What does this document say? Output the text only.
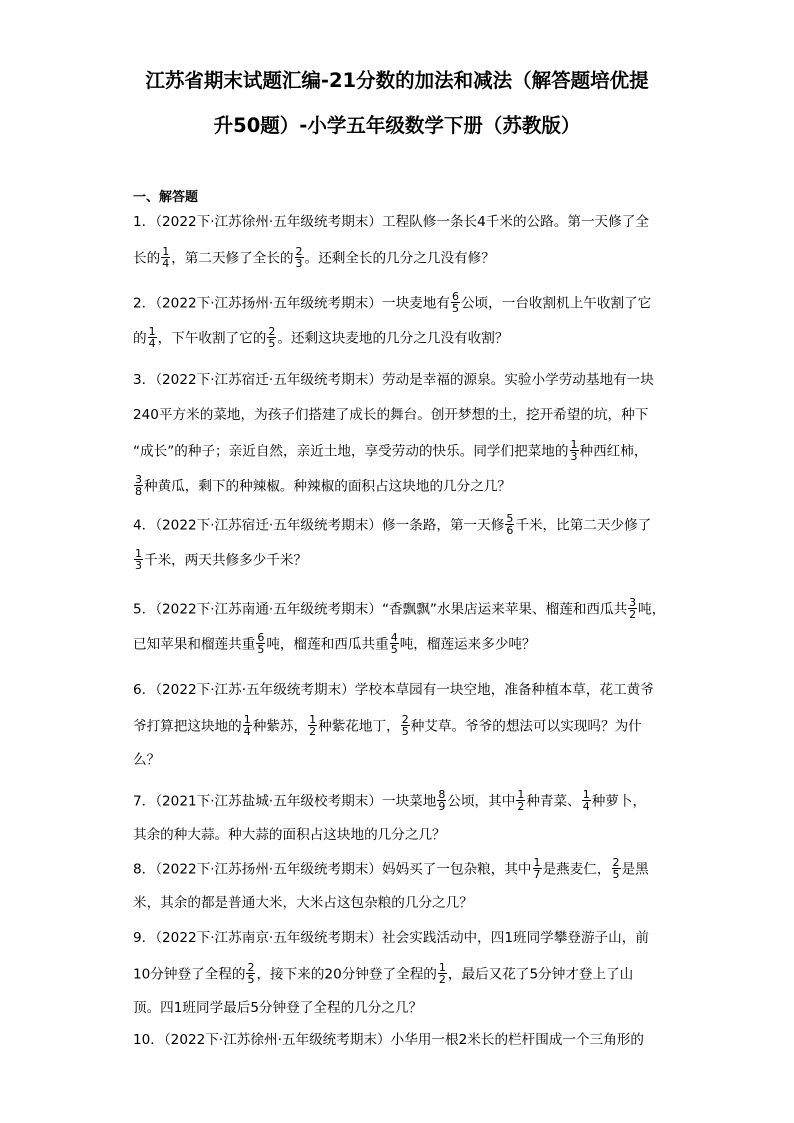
江苏省期末试题汇编-21分数的加法和减法（解答题培优提
升50题）-小学五年级数学下册（苏教版）
一、解答题
1．（2022下·江苏徐州·五年级统考期末）工程队修一条长4千米的公路。第一天修了全
长的 $\frac{1}{4}$ ，第二天修了全长的 $\frac{2}{3}$ 。还剩全长的几分之几没有修？
2．（2022下·江苏扬州·五年级统考期末）一块麦地有 $\frac{6}{5}$ 公顷，一台收割机上午收割了它
的 $\frac{1}{4}$ ，下午收割了它的 $\frac{2}{5}$ 。还剩这块麦地的几分之几没有收割？
3．（2022下·江苏宿迁·五年级统考期末）劳动是幸福的源泉。实验小学劳动基地有一块
240平方米的菜地，为孩子们搭建了成长的舞台。创开梦想的土，挖开希望的坑，种下
“成长”的种子；亲近自然，亲近土地，享受劳动的快乐。同学们把菜地的 $\frac{1}{3}$ 种西红柿，
$\frac{3}{8}$ 种黄瓜，剩下的种辣椒。种辣椒的面积占这块地的几分之几？
4．（2022下·江苏宿迁·五年级统考期末）修一条路，第一天修 $\frac{5}{6}$ 千米，比第二天少修了
$\frac{1}{3}$ 千米，两天共修多少千米？
5．（2022下·江苏南通·五年级统考期末）“香飘飘”水果店运来苹果、榴莲和西瓜共 $\frac{3}{2}$ 吨，
已知苹果和榴莲共重 $\frac{6}{5}$ 吨，榴莲和西瓜共重 $\frac{4}{5}$ 吨，榴莲运来多少吨？
6．（2022下·江苏·五年级统考期末）学校本草园有一块空地，准备种植本草，花工黄爷
爷打算把这块地的 $\frac{1}{4}$ 种紫苏， $\frac{1}{2}$ 种紫花地丁， $\frac{2}{5}$ 种艾草。爷爷的想法可以实现吗？为什
么？
7．（2021下·江苏盐城·五年级校考期末）一块菜地 $\frac{8}{9}$ 公顷，其中 $\frac{1}{2}$ 种青菜、 $\frac{1}{4}$ 种萝卜，
其余的种大蒜。种大蒜的面积占这块地的几分之几？
8．（2022下·江苏扬州·五年级统考期末）妈妈买了一包杂粮，其中 $\frac{1}{7}$ 是燕麦仁， $\frac{2}{5}$ 是黑
米，其余的都是普通大米，大米占这包杂粮的几分之几？
9．（2022下·江苏南京·五年级统考期末）社会实践活动中，四1班同学攀登游子山，前
10分钟登了全程的 $\frac{2}{5}$ ，接下来的20分钟登了全程的 $\frac{1}{2}$ ，最后又花了5分钟才登上了山
顶。四1班同学最后5分钟登了全程的几分之几？
10．（2022下·江苏徐州·五年级统考期末）小华用一根2米长的栏杆围成一个三角形的
